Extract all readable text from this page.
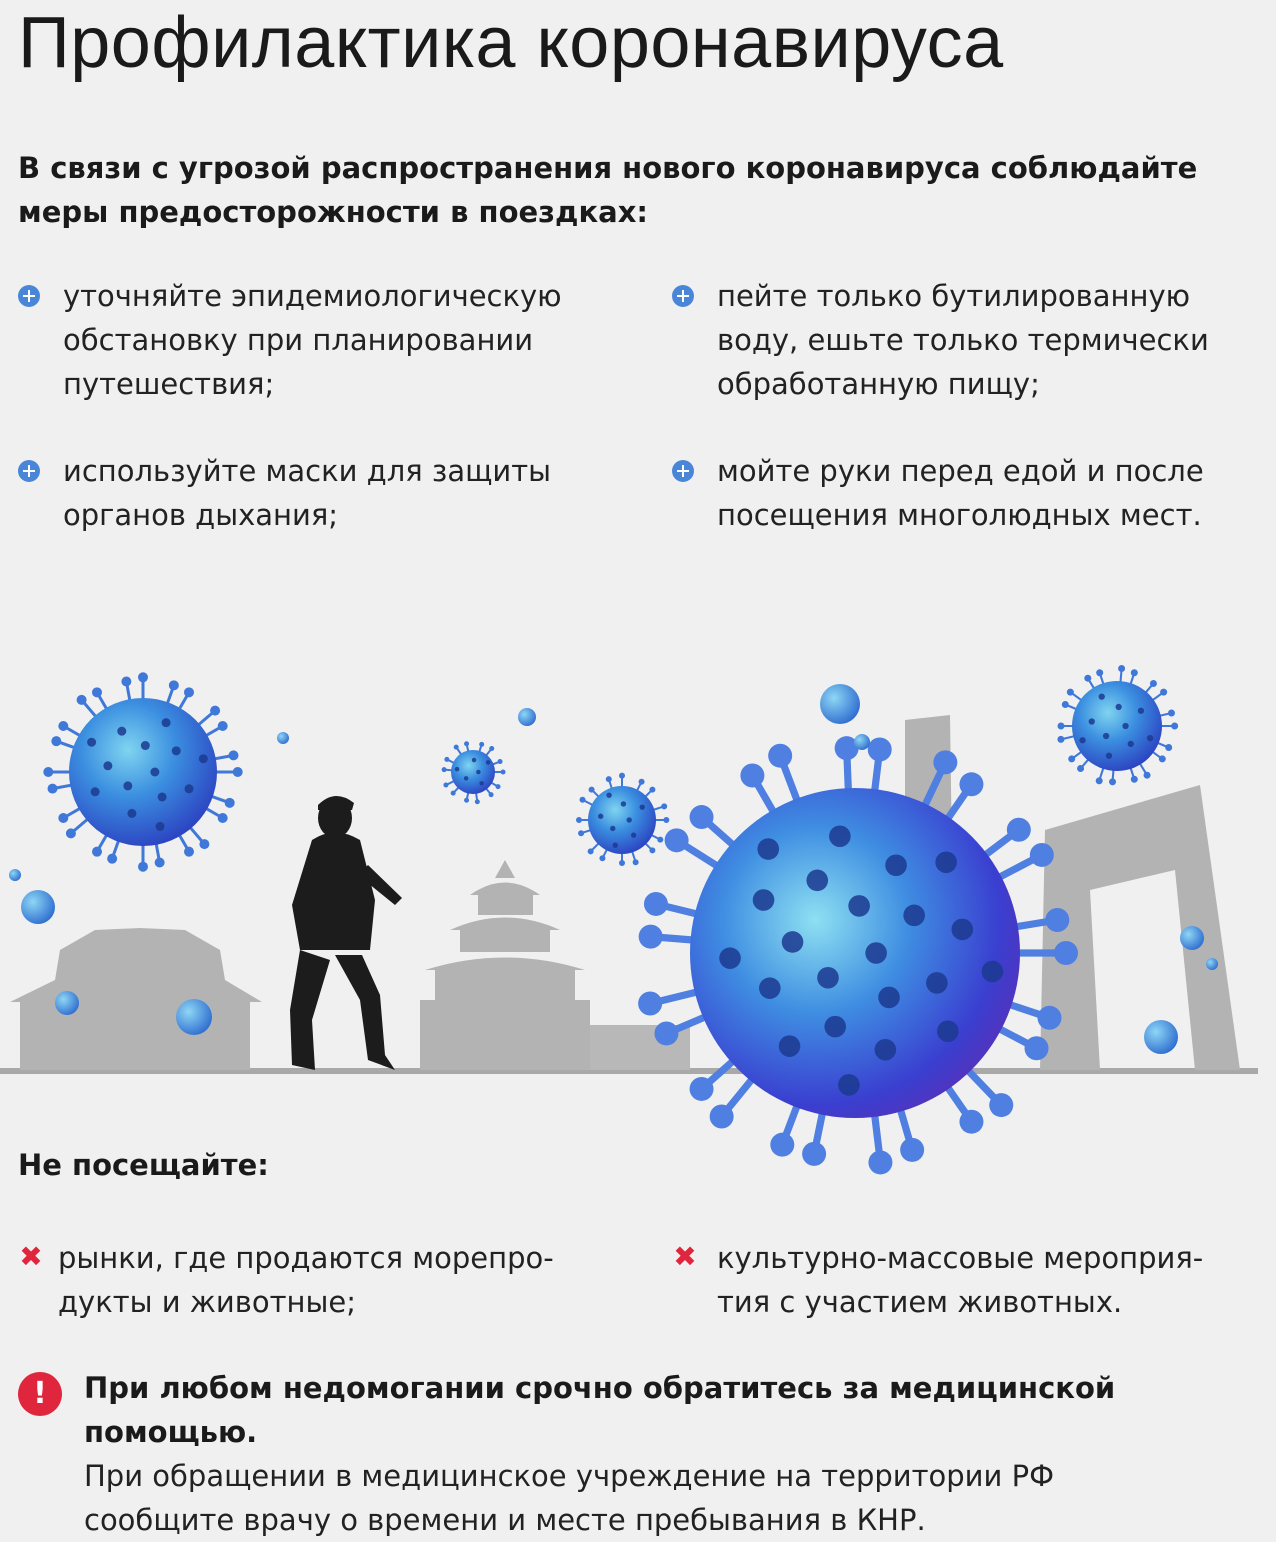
Профилактика коронавируса
В связи с угрозой распространения нового коронавируса соблюдайте
меры предосторожности в поездках:
уточняйте эпидемиологическую
обстановку при планировании
путешествия;
пейте только бутилированную
воду, ешьте только термически
обработанную пищу;
используйте маски для защиты
органов дыхания;
мойте руки перед едой и после
посещения многолюдных мест.
Не посещайте:
✖ рынки, где продаются морепро-
дукты и животные;
✖ культурно-массовые мероприя-
тия с участием животных.
!	При любом недомогании срочно обратитесь за медицинской помощью.
При обращении в медицинское учреждение на территории РФ
сообщите врачу о времени и месте пребывания в КНР.
